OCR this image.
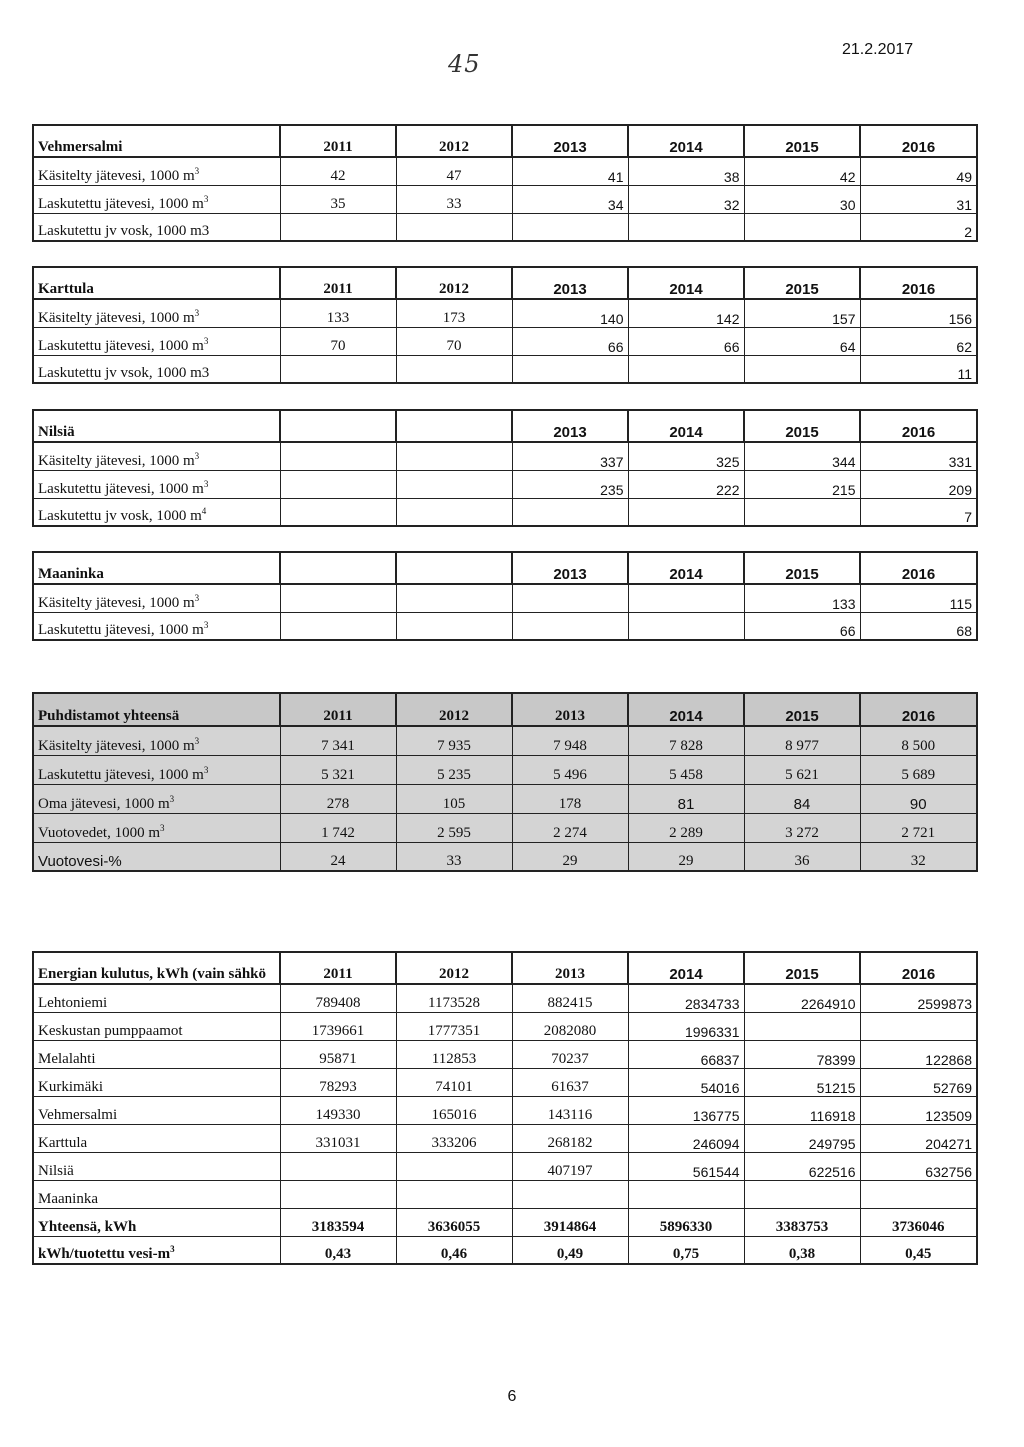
45
21.2.2017
Vehmersalmi	2011	2012	2013	2014	2015	2016
Käsitelty jätevesi, 1000 $m^3$	42	47	41	38	42	49
Laskutettu jätevesi, 1000 $m^3$	35	33	34	32	30	31
Laskutettu jv vosk, 1000 m3						2
Karttula	2011	2012	2013	2014	2015	2016
Käsitelty jätevesi, 1000 $m^3$	133	173	140	142	157	156
Laskutettu jätevesi, 1000 $m^3$	70	70	66	66	64	62
Laskutettu jv vsok, 1000 m3						11
Nilsiä			2013	2014	2015	2016
Käsitelty jätevesi, 1000 $m^3$			337	325	344	331
Laskutettu jätevesi, 1000 $m^3$			235	222	215	209
Laskutettu jv vosk, 1000 $m^4$						7
Maaninka			2013	2014	2015	2016
Käsitelty jätevesi, 1000 $m^3$					133	115
Laskutettu jätevesi, 1000 $m^3$					66	68
Puhdistamot yhteensä	2011	2012	2013	2014	2015	2016
Käsitelty jätevesi, 1000 $m^3$	7 341	7 935	7 948	7 828	8 977	8 500
Laskutettu jätevesi, 1000 $m^3$	5 321	5 235	5 496	5 458	5 621	5 689
Oma jätevesi, 1000 $m^3$	278	105	178	81	84	90
Vuotovedet, 1000 $m^3$	1 742	2 595	2 274	2 289	3 272	2 721
Vuotovesi-%	24	33	29	29	36	32
Energian kulutus, kWh (vain sähkö	2011	2012	2013	2014	2015	2016
Lehtoniemi	789408	1173528	882415	2834733	2264910	2599873
Keskustan pumppaamot	1739661	1777351	2082080	1996331		
Melalahti	95871	112853	70237	66837	78399	122868
Kurkimäki	78293	74101	61637	54016	51215	52769
Vehmersalmi	149330	165016	143116	136775	116918	123509
Karttula	331031	333206	268182	246094	249795	204271
Nilsiä			407197	561544	622516	632756
Maaninka						
Yhteensä, kWh	3183594	3636055	3914864	5896330	3383753	3736046
kWh/tuotettu vesi-$m^3$	0,43	0,46	0,49	0,75	0,38	0,45
6
